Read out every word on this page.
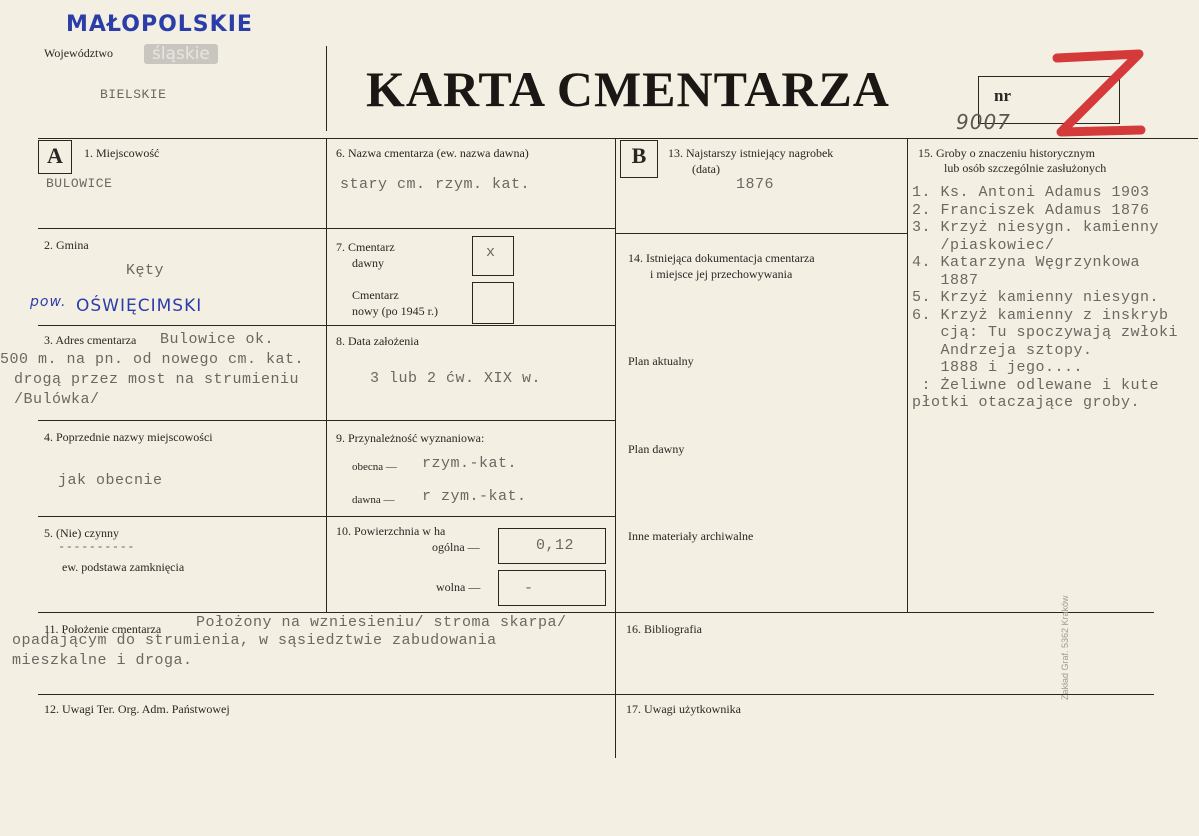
MAŁOPOLSKIE
Województwo	śląskie
BIELSKIE	KARTA CMENTARZA	nr
9007
A	B
1. Miejscowość
BULOWICE
2. Gmina
Kęty
pow. OŚWIĘCIMSKI
3. Adres cmentarza Bulowice ok.
500 m. na pn. od nowego cm. kat.
drogą przez most na strumieniu
/Bulówka/
4. Poprzednie nazwy miejscowości
jak obecnie
5. (Nie) czynny
----------
ew. podstawa zamknięcia
6. Nazwa cmentarza (ew. nazwa dawna)
stary cm. rzym. kat.
7. Cmentarz
dawny
x
Cmentarz
nowy (po 1945 r.)
8. Data założenia
3 lub 2 ćw. XIX w.
9. Przynależność wyznaniowa:
obecna — rzym.-kat.
dawna — r zym.-kat.
10. Powierzchnia w ha
ogólna —	0,12
wolna —	-
11. Położenie cmentarza Położony na wzniesieniu/ stroma skarpa/
opadającym do strumienia, w sąsiedztwie zabudowania
mieszkalne i droga.
12. Uwagi Ter. Org. Adm. Państwowej
13. Najstarszy istniejący nagrobek
(data)
1876
14. Istniejąca dokumentacja cmentarza
i miejsce jej przechowywania
Plan aktualny
Plan dawny
Inne materiały archiwalne
15. Groby o znaczeniu historycznym
lub osób szczególnie zasłużonych
1. Ks. Antoni Adamus 1903
2. Franciszek Adamus 1876
3. Krzyż niesygn. kamienny
/piaskowiec/
4. Katarzyna Węgrzynkowa
1887
5. Krzyż kamienny niesygn.
6. Krzyż kamienny z inskryb
cją: Tu spoczywają zwłoki
Andrzeja sztopy.
1888 i jego....
: Żeliwne odlewane i kute
płotki otaczające groby.
16. Bibliografia
17. Uwagi użytkownika
Zakład Graf. 5362 Kraków
